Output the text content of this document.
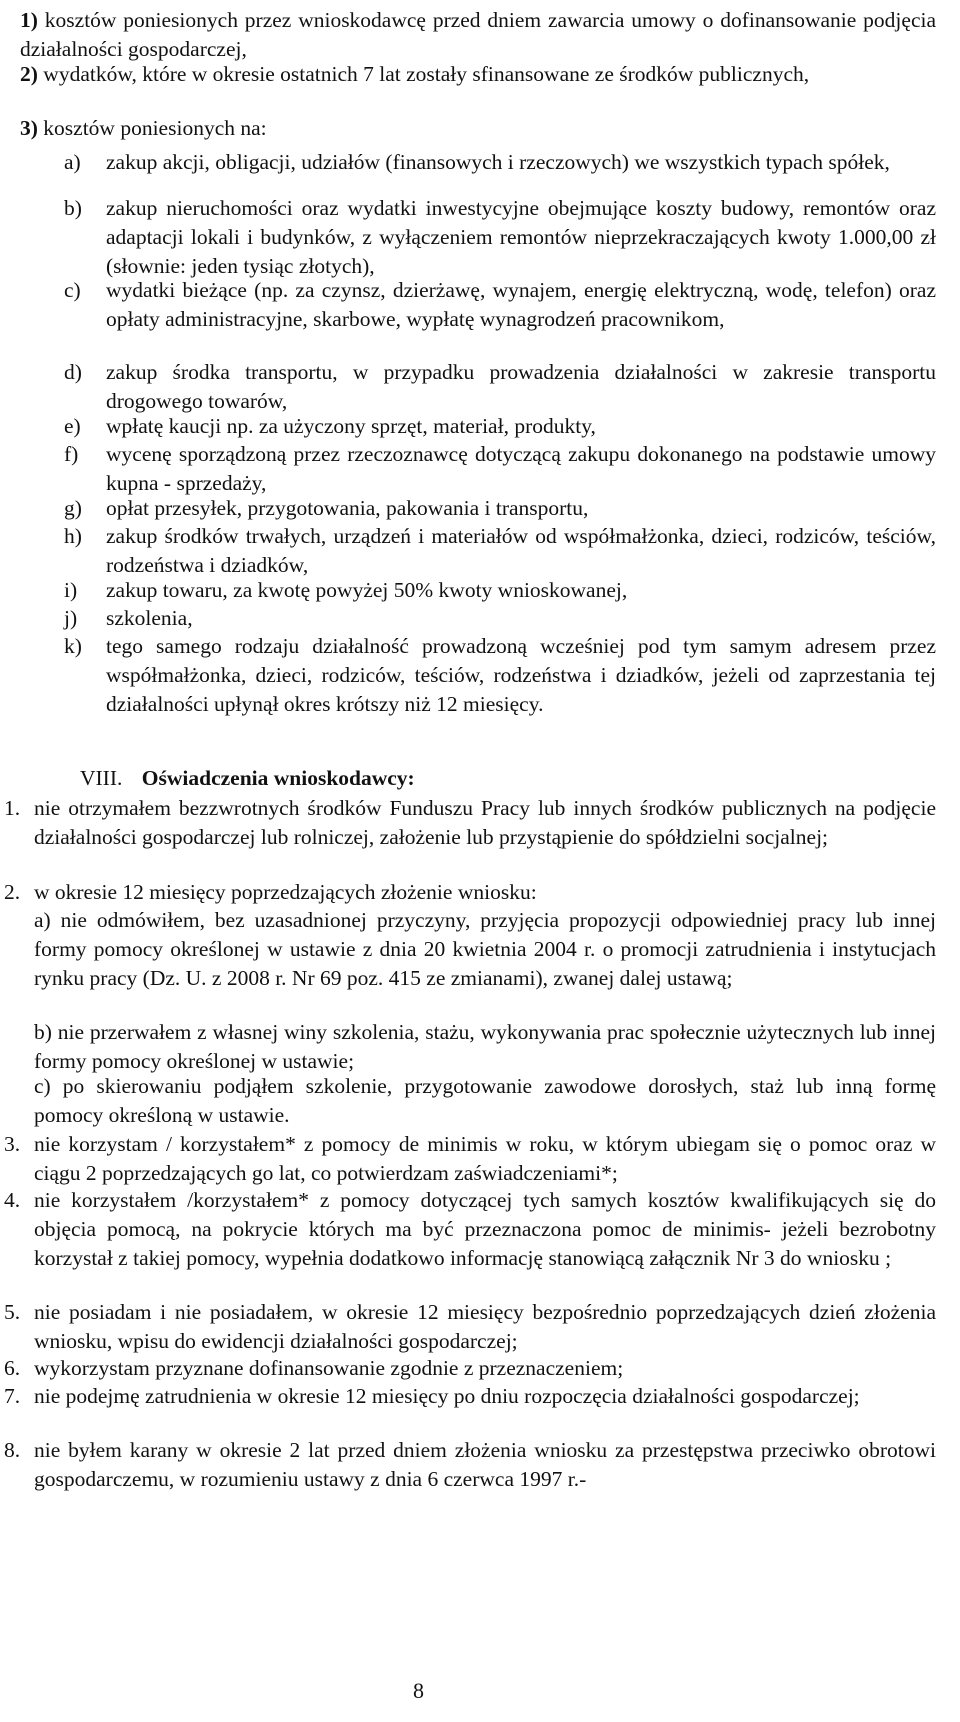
1) kosztów poniesionych przez wnioskodawcę przed dniem zawarcia umowy o dofinansowanie podjęcia działalności gospodarczej,
2) wydatków, które w okresie ostatnich 7 lat zostały sfinansowane ze środków publicznych,
3) kosztów poniesionych na:
a) zakup akcji, obligacji, udziałów (finansowych i rzeczowych) we wszystkich typach spółek,
b) zakup nieruchomości oraz wydatki inwestycyjne obejmujące koszty budowy, remontów oraz adaptacji lokali i budynków, z wyłączeniem remontów nieprzekraczających kwoty 1.000,00 zł (słownie: jeden tysiąc złotych),
c) wydatki bieżące (np. za czynsz, dzierżawę, wynajem, energię elektryczną, wodę, telefon) oraz opłaty administracyjne, skarbowe, wypłatę wynagrodzeń pracownikom,
d) zakup środka transportu, w przypadku prowadzenia działalności w zakresie transportu drogowego towarów,
e) wpłatę kaucji np. za użyczony sprzęt, materiał, produkty,
f) wycenę sporządzoną przez rzeczoznawcę dotyczącą zakupu dokonanego na podstawie umowy kupna - sprzedaży,
g) opłat przesyłek, przygotowania, pakowania i transportu,
h) zakup środków trwałych, urządzeń i materiałów od współmałżonka, dzieci, rodziców, teściów, rodzeństwa i dziadków,
i) zakup towaru, za kwotę powyżej 50% kwoty wnioskowanej,
j) szkolenia,
k) tego samego rodzaju działalność prowadzoną wcześniej pod tym samym adresem przez współmałżonka, dzieci, rodziców, teściów, rodzeństwa i dziadków, jeżeli od zaprzestania tej działalności upłynął okres krótszy niż 12 miesięcy.
VIII. Oświadczenia wnioskodawcy:
1. nie otrzymałem bezzwrotnych środków Funduszu Pracy lub innych środków publicznych na podjęcie działalności gospodarczej lub rolniczej, założenie lub przystąpienie do spółdzielni socjalnej;
2. w okresie 12 miesięcy poprzedzających złożenie wniosku:
a) nie odmówiłem, bez uzasadnionej przyczyny, przyjęcia propozycji odpowiedniej pracy lub innej formy pomocy określonej w ustawie z dnia 20 kwietnia 2004 r. o promocji zatrudnienia i instytucjach rynku pracy (Dz. U. z 2008 r. Nr 69 poz. 415 ze zmianami), zwanej dalej ustawą;
b) nie przerwałem z własnej winy szkolenia, stażu, wykonywania prac społecznie użytecznych lub innej formy pomocy określonej w ustawie;
c) po skierowaniu podjąłem szkolenie, przygotowanie zawodowe dorosłych, staż lub inną formę pomocy określoną w ustawie.
3. nie korzystam / korzystałem* z pomocy de minimis w roku, w którym ubiegam się o pomoc oraz w ciągu 2 poprzedzających go lat, co potwierdzam zaświadczeniami*;
4. nie korzystałem /korzystałem* z pomocy dotyczącej tych samych kosztów kwalifikujących się do objęcia pomocą, na pokrycie których ma być przeznaczona pomoc de minimis- jeżeli bezrobotny korzystał z takiej pomocy, wypełnia dodatkowo informację stanowiącą załącznik Nr 3 do wniosku ;
5. nie posiadam i nie posiadałem, w okresie 12 miesięcy bezpośrednio poprzedzających dzień złożenia wniosku, wpisu do ewidencji działalności gospodarczej;
6. wykorzystam przyznane dofinansowanie zgodnie z przeznaczeniem;
7. nie podejmę zatrudnienia w okresie 12 miesięcy po dniu rozpoczęcia działalności gospodarczej;
8. nie byłem karany w okresie 2 lat przed dniem złożenia wniosku za przestępstwa przeciwko obrotowi gospodarczemu, w rozumieniu ustawy z dnia 6 czerwca 1997 r.-
8
